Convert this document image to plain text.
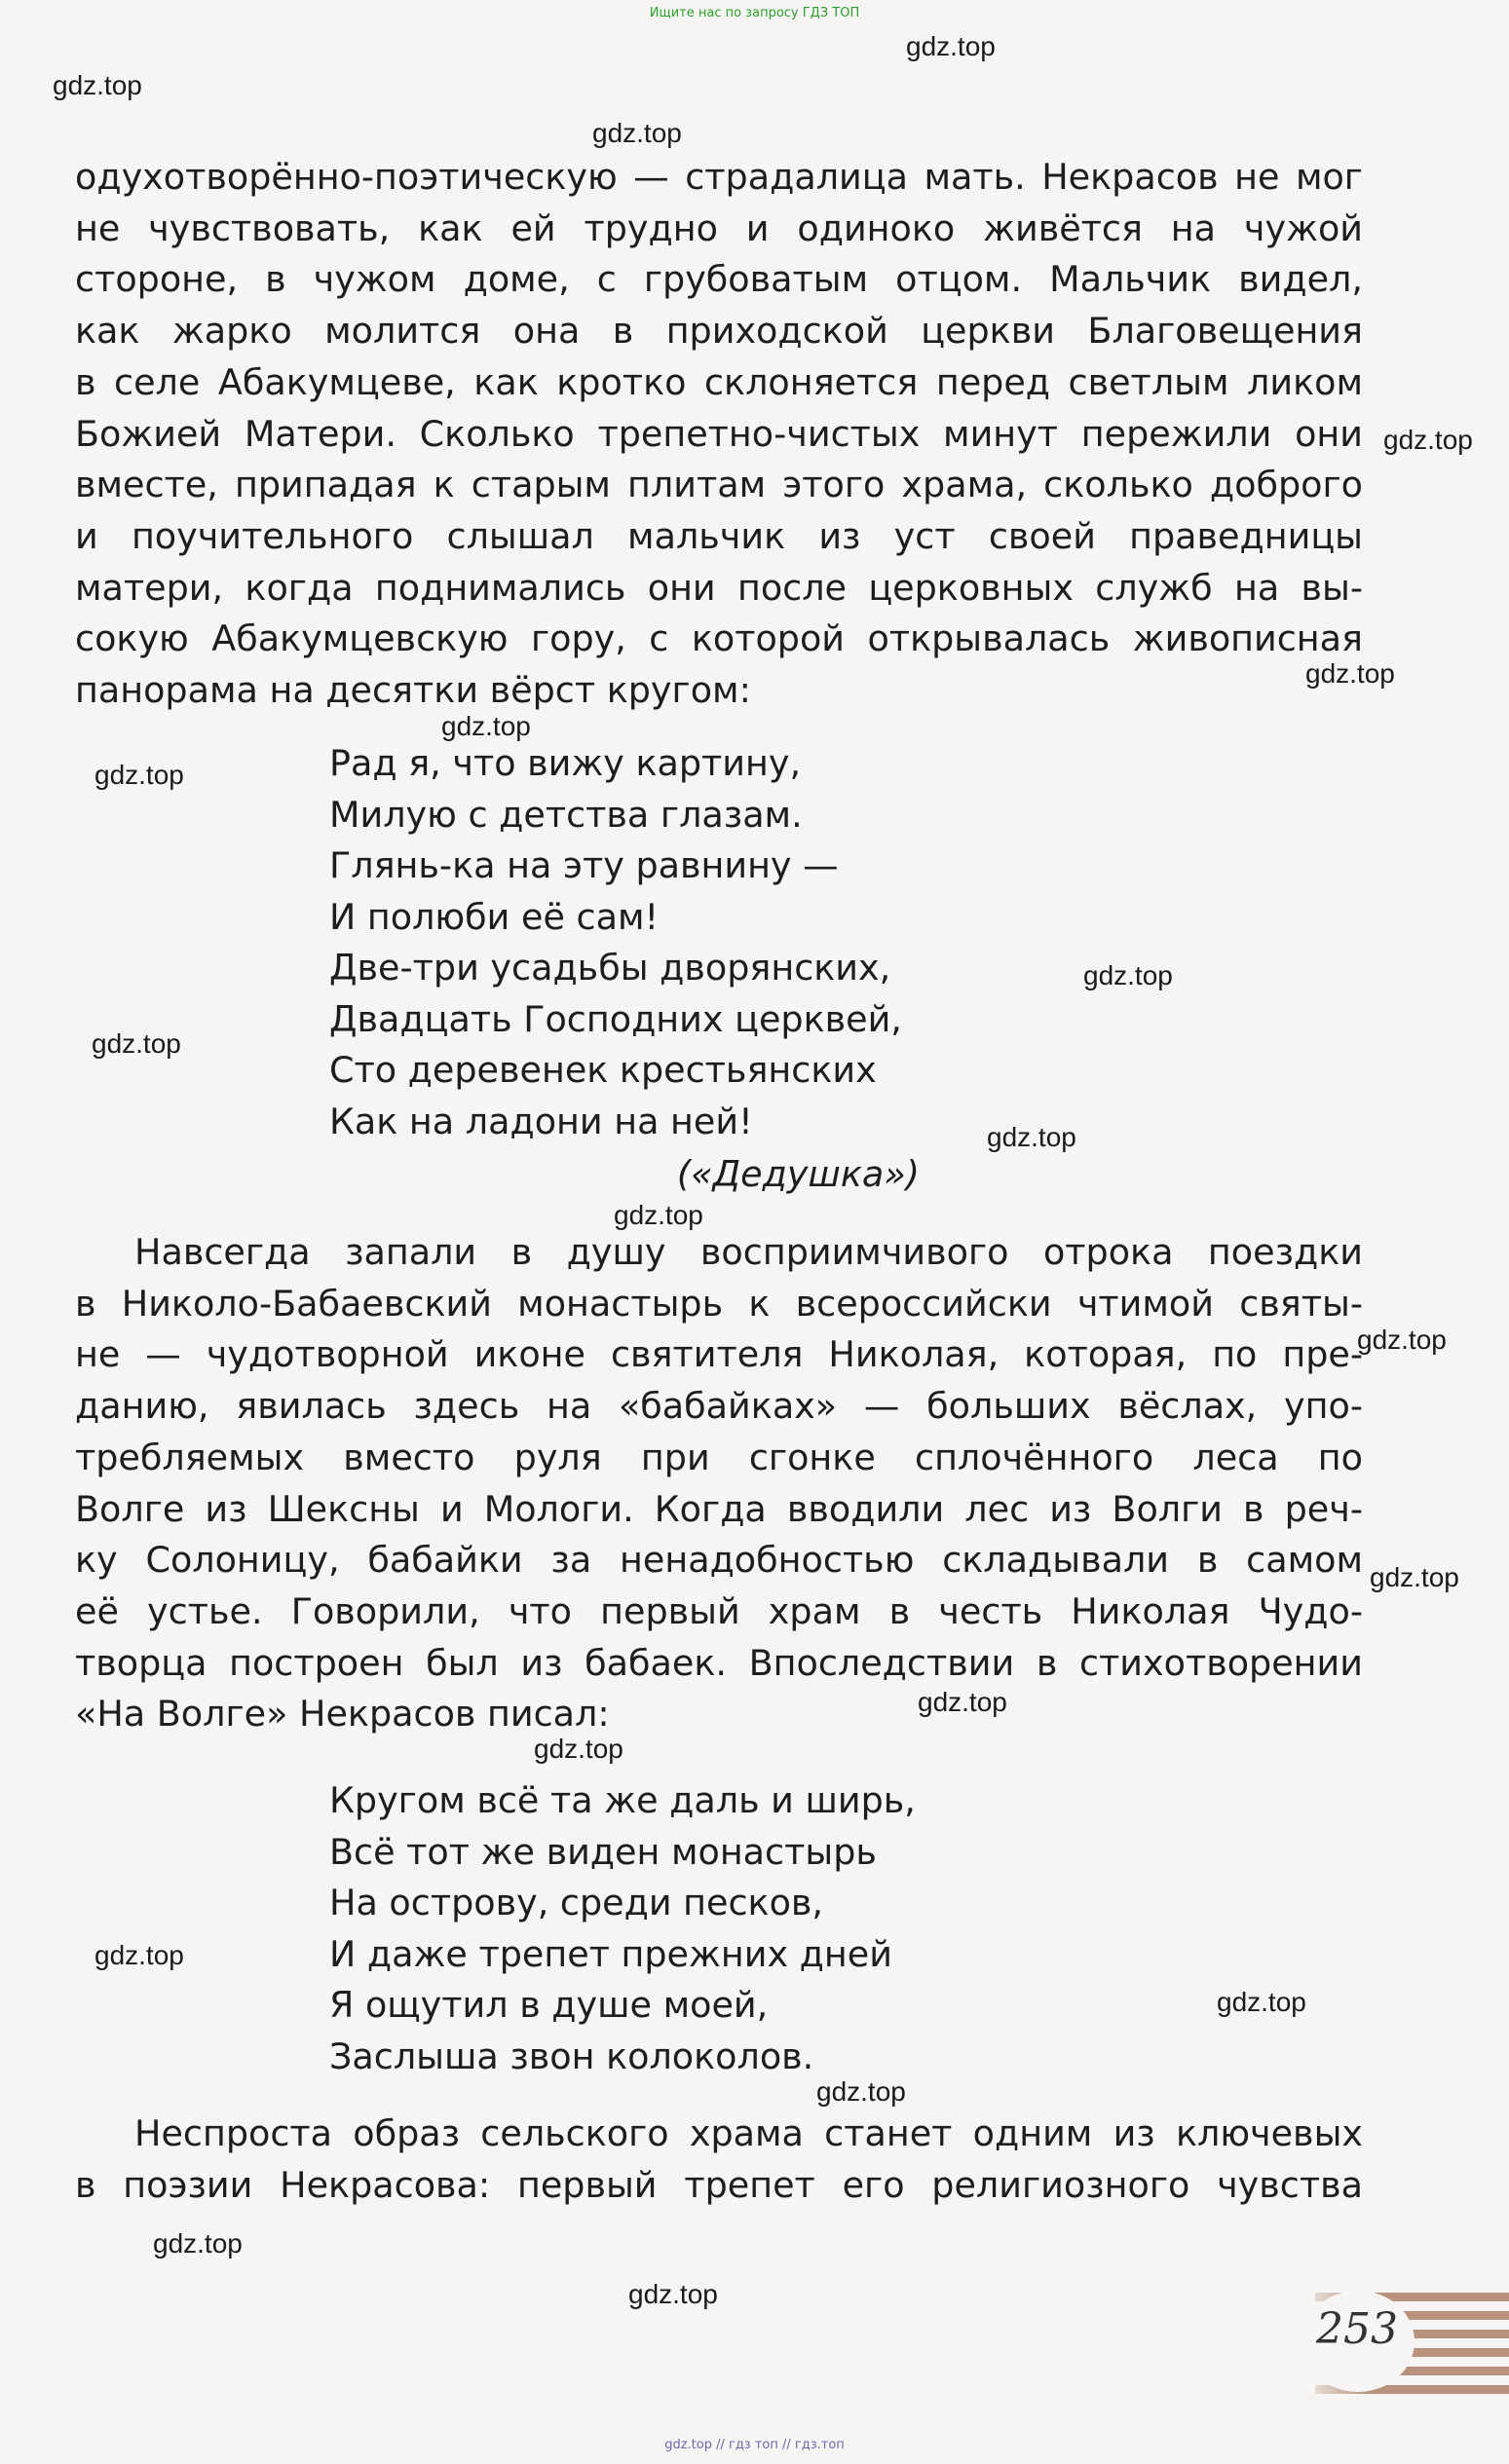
Ищите нас по запросу ГДЗ ТОП
gdz.top
gdz.top
gdz.top
gdz.top
gdz.top
gdz.top
gdz.top
gdz.top
gdz.top
gdz.top
gdz.top
gdz.top
gdz.top
gdz.top
gdz.top
gdz.top
gdz.top
gdz.top
gdz.top
gdz.top
одухотворённо-поэтическую — страдалица мать. Некрасов не мог
не чувствовать, как ей трудно и одиноко живётся на чужой
стороне, в чужом доме, с грубоватым отцом. Мальчик видел,
как жарко молится она в приходской церкви Благовещения
в селе Абакумцеве, как кротко склоняется перед светлым ликом
Божией Матери. Сколько трепетно-чистых минут пережили они
вместе, припадая к старым плитам этого храма, сколько доброго
и поучительного слышал мальчик из уст своей праведницы
матери, когда поднимались они после церковных служб на вы-
сокую Абакумцевскую гору, с которой открывалась живописная
панорама на десятки вёрст кругом:
Рад я, что вижу картину,
Милую с детства глазам.
Глянь-ка на эту равнину —
И полюби её сам!
Две-три усадьбы дворянских,
Двадцать Господних церквей,
Сто деревенек крестьянских
Как на ладони на ней!
(«Дедушка»)
Навсегда запали в душу восприимчивого отрока поездки
в Николо-Бабаевский монастырь к всероссийски чтимой святы-
не — чудотворной иконе святителя Николая, которая, по пре-
данию, явилась здесь на «бабайках» — больших вёслах, упо-
требляемых вместо руля при сгонке сплочённого леса по
Волге из Шексны и Мологи. Когда вводили лес из Волги в реч-
ку Солоницу, бабайки за ненадобностью складывали в самом
её устье. Говорили, что первый храм в честь Николая Чудо-
творца построен был из бабаек. Впоследствии в стихотворении
«На Волге» Некрасов писал:
Кругом всё та же даль и ширь,
Всё тот же виден монастырь
На острову, среди песков,
И даже трепет прежних дней
Я ощутил в душе моей,
Заслыша звон колоколов.
Неспроста образ сельского храма станет одним из ключевых
в поэзии Некрасова: первый трепет его религиозного чувства
253
gdz.top // гдз топ // гдз.топ
